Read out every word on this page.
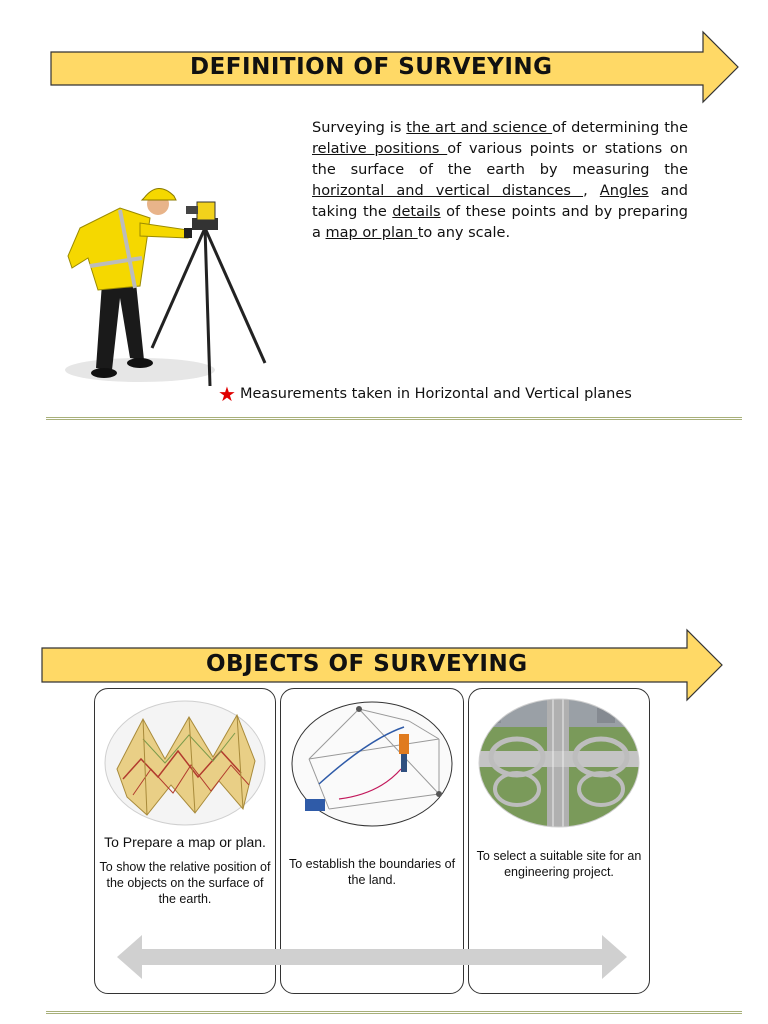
DEFINITION OF SURVEYING
Surveying is the art and science of determining the relative positions of various points or stations on the surface of the earth by measuring the horizontal and vertical distances , Angles and taking the details of these points and by preparing a map or plan to any scale.
★ Measurements taken in Horizontal and Vertical planes
OBJECTS OF SURVEYING
To Prepare a map or plan.
To show the relative position of the objects on the surface of the earth.
To establish the boundaries of the land.
To select a suitable site for an engineering project.
